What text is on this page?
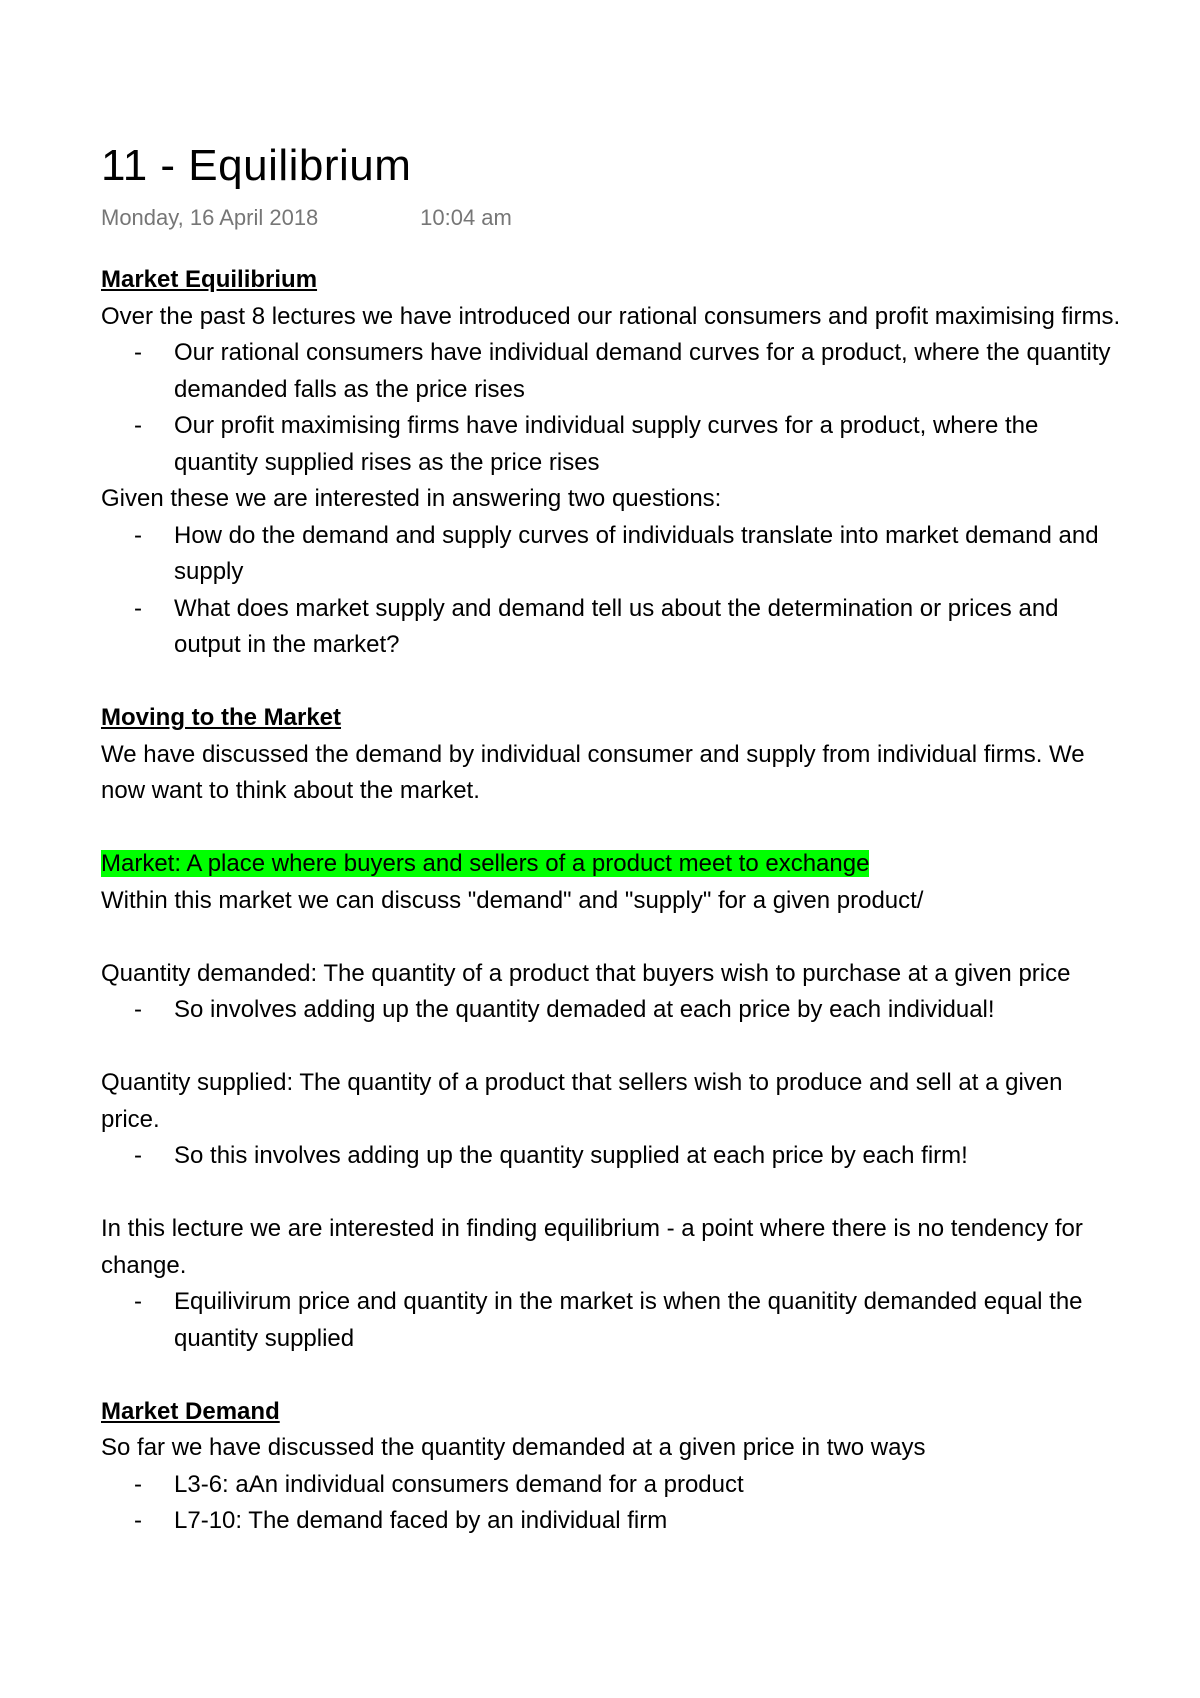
11 - Equilibrium
Monday, 16 April 2018	10:04 am

Market Equilibrium

Over the past 8 lectures we have introduced our rational consumers and profit maximising firms.

- Our rational consumers have individual demand curves for a product, where the quantity demanded falls as the price rises
- Our profit maximising firms have individual supply curves for a product, where the quantity supplied rises as the price rises

Given these we are interested in answering two questions:

- How do the demand and supply curves of individuals translate into market demand and supply
- What does market supply and demand tell us about the determination or prices and output in the market?

Moving to the Market

We have discussed the demand by individual consumer and supply from individual firms. We now want to think about the market.

Market: A place where buyers and sellers of a product meet to exchange

Within this market we can discuss "demand" and "supply" for a given product/

Quantity demanded: The quantity of a product that buyers wish to purchase at a given price

- So involves adding up the quantity demaded at each price by each individual!

Quantity supplied: The quantity of a product that sellers wish to produce and sell at a given price.

- So this involves adding up the quantity supplied at each price by each firm!

In this lecture we are interested in finding equilibrium - a point where there is no tendency for change.

- Equilivirum price and quantity in the market is when the quanitity demanded equal the quantity supplied

Market Demand

So far we have discussed the quantity demanded at a given price in two ways

- L3-6: aAn individual consumers demand for a product
- L7-10: The demand faced by an individual firm
